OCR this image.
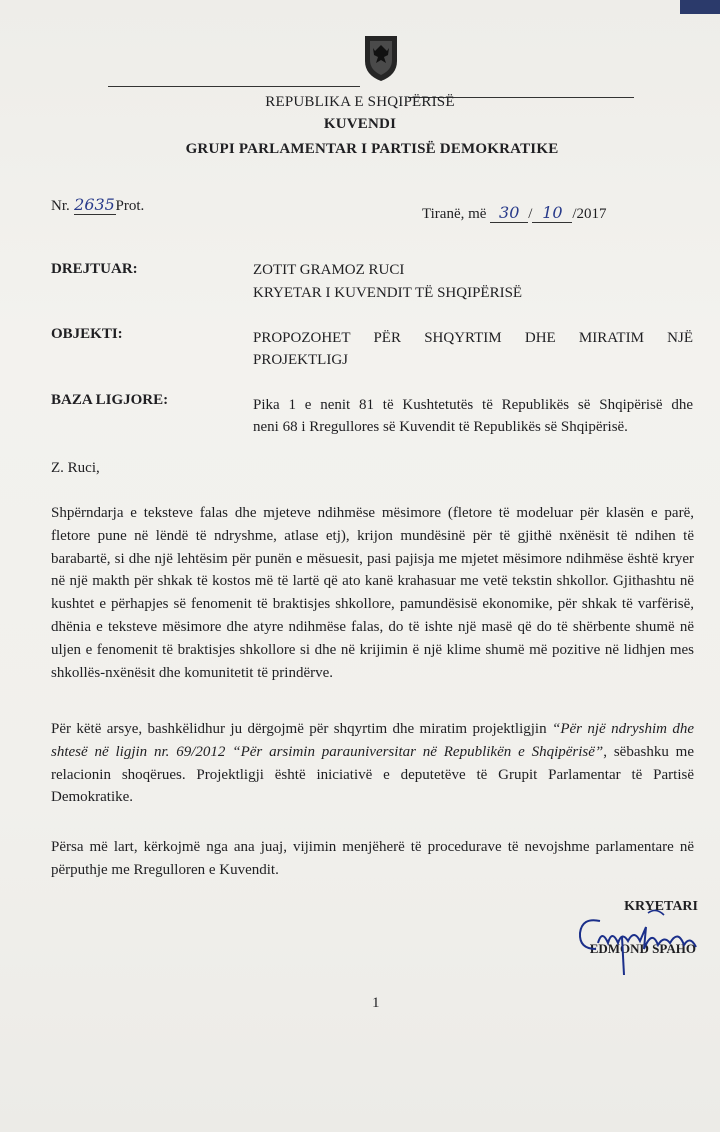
REPUBLIKA E SHQIPËRISË
KUVENDI
GRUPI PARLAMENTAR I PARTISË DEMOKRATIKE
Nr. 2635Prot.	Tiranë, më 30 / 10 /2017
DREJTUAR:	ZOTIT GRAMOZ RUCI
KRYETAR I KUVENDIT TË SHQIPËRISË
OBJEKTI:	PROPOZOHET PËR SHQYRTIM DHE MIRATIM NJË
PROJEKTLIGJ
BAZA LIGJORE:	Pika 1 e nenit 81 të Kushtetutës të Republikës së Shqipërisë dhe
neni 68 i Rregullores së Kuvendit të Republikës së Shqipërisë.
Z. Ruci,
Shpërndarja e teksteve falas dhe mjeteve ndihmëse mësimore (fletore të modeluar për klasën e parë, fletore pune në lëndë të ndryshme, atlase etj), krijon mundësinë për të gjithë nxënësit të ndihen të barabartë, si dhe një lehtësim për punën e mësuesit, pasi pajisja me mjetet mësimore ndihmëse është kryer në një makth për shkak të kostos më të lartë që ato kanë krahasuar me vetë tekstin shkollor. Gjithashtu në kushtet e përhapjes së fenomenit të braktisjes shkollore, pamundësisë ekonomike, për shkak të varfërisë, dhënia e teksteve mësimore dhe atyre ndihmëse falas, do të ishte një masë që do të shërbente shumë në uljen e fenomenit të braktisjes shkollore si dhe në krijimin ë një klime shumë më pozitive në lidhjen mes shkollës-nxënësit dhe komunitetit të prindërve.
Për këtë arsye, bashkëlidhur ju dërgojmë për shqyrtim dhe miratim projektligjin “Për një ndryshim dhe shtesë në ligjin nr. 69/2012 “Për arsimin parauniversitar në Republikën e Shqipërisë”, sëbashku me relacionin shoqërues. Projektligji është iniciativë e deputetëve të Grupit Parlamentar të Partisë Demokratike.
Përsa më lart, kërkojmë nga ana juaj, vijimin menjëherë të procedurave të nevojshme parlamentare në përputhje me Rregulloren e Kuvendit.
KRYETARI
EDMOND SPAHO
1
